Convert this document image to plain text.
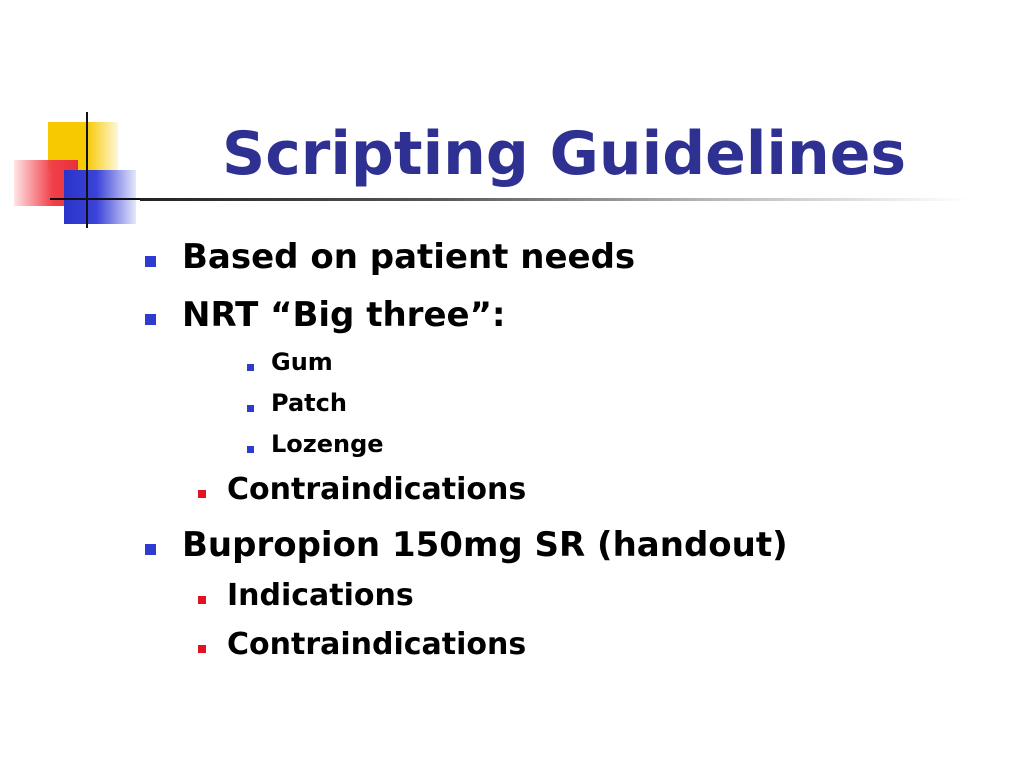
Scripting Guidelines
Based on patient needs
NRT “Big three”:
Gum
Patch
Lozenge
Contraindications
Bupropion 150mg SR (handout)
Indications
Contraindications
